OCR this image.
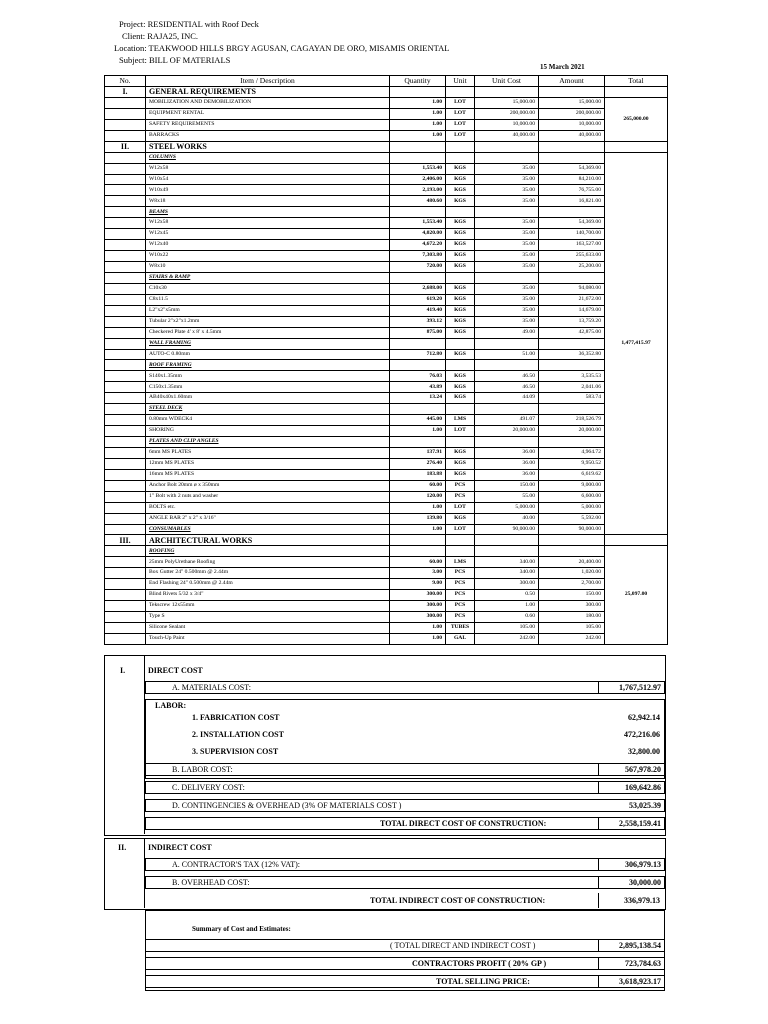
Project: RESIDENTIAL with Roof Deck
Client: RAJA25, INC.
Location: TEAKWOOD HILLS BRGY AGUSAN, CAGAYAN DE ORO, MISAMIS ORIENTAL
Subject: BILL OF MATERIALS
15 March 2021
No.	Item / Description	Quantity	Unit	Unit Cost	Amount	Total
I.	GENERAL REQUIREMENTS					
	MOBILIZATION AND DEMOBILIZATION	1.00	LOT	15,000.00	15,000.00	265,000.00
	EQUIPMENT RENTAL	1.00	LOT	200,000.00	200,000.00	
	SAFETY REQUIREMENTS	1.00	LOT	10,000.00	10,000.00	
	BARRACKS	1.00	LOT	40,000.00	40,000.00	
II.	STEEL WORKS					
	COLUMNS					1,477,415.97
	W12x58	1,553.40	KGS	35.00	54,369.00	
	W10x54	2,406.00	KGS	35.00	84,210.00	
	W10x49	2,193.00	KGS	35.00	76,755.00	
	W8x18	480.60	KGS	35.00	16,821.00	
	BEAMS					
	W12x58	1,553.40	KGS	35.00	54,369.00	
	W12x45	4,020.00	KGS	35.00	140,700.00	
	W12x40	4,672.20	KGS	35.00	163,527.00	
	W10x22	7,303.80	KGS	35.00	255,633.00	
	W8x10	720.00	KGS	35.00	25,200.00	
	STAIRS & RAMP					
	C10x30	2,688.00	KGS	35.00	94,080.00	
	C8x11.5	619.20	KGS	35.00	21,672.00	
	L2"x2"x5mm	419.40	KGS	35.00	14,679.00	
	Tubular 2"x2"x1.2mm	393.12	KGS	35.00	13,759.20	
	Checkered Plate 4' x 8' x 4.5mm	875.00	KGS	49.00	42,875.00	
	WALL FRAMING					
	AUTO-C 0.80mm	712.80	KGS	51.00	36,352.80	
	ROOF FRAMING					
	S140x1.35mm	76.03	KGS	46.50	3,535.53	
	C150x1.35mm	43.89	KGS	46.50	2,041.06	
	AB40x40x1.60mm	13.24	KGS	44.09	583.74	
	STEEL DECK					
	0.80mm WDECK4	445.00	LMS	491.07	218,526.79	
	SHORING	1.00	LOT	20,000.00	20,000.00	
	PLATES AND CLIP ANGLES					
	6mm MS PLATES	137.91	KGS	36.00	4,964.72	
	12mm MS PLATES	276.40	KGS	36.00	9,950.52	
	16mm MS PLATES	183.88	KGS	36.00	6,619.62	
	Anchor Bolt 20mm ø x 350mm	60.00	PCS	150.00	9,000.00	
	1" Bolt with 2 nuts and washer	120.00	PCS	55.00	6,600.00	
	BOLTS etc.	1.00	LOT	5,000.00	5,000.00	
	ANGLE BAR 2" x 2" x 3/16"	139.80	KGS	40.00	5,592.00	
	CONSUMABLES	1.00	LOT	90,000.00	90,000.00	
III.	ARCHITECTURAL WORKS					
	ROOFING					25,097.00
	25mm PolyUrethane Roofing	60.00	LMS	340.00	20,400.00	
	Box Gutter 24" 0.500mm @ 2.44m	3.00	PCS	340.00	1,020.00	
	End Flashing 24" 0.500mm @ 2.44m	9.00	PCS	300.00	2,700.00	
	Blind Rivets 5/32 x 3/4"	300.00	PCS	0.50	150.00	
	Tekscrew 12x55mm	300.00	PCS	1.00	300.00	
	Type S	300.00	PCS	0.60	180.00	
	Silicone Sealant	1.00	TUBES	105.00	105.00	
	Touch-Up Paint	1.00	GAL	242.00	242.00	
I.	DIRECT COST
A. MATERIALS COST:	1,767,512.97
LABOR:
1. FABRICATION COST	62,942.14
2. INSTALLATION COST	472,216.06
3. SUPERVISION COST	32,800.00
B. LABOR COST:	567,978.20
C. DELIVERY COST:	169,642.86
D. CONTINGENCIES & OVERHEAD (3% OF MATERIALS COST )	53,025.39
TOTAL DIRECT COST OF CONSTRUCTION:	2,558,159.41
II.	INDIRECT COST
A. CONTRACTOR'S TAX (12% VAT):	306,979.13
B. OVERHEAD COST:	30,000.00
TOTAL INDIRECT COST OF CONSTRUCTION:	336,979.13
Summary of Cost and Estimates:
( TOTAL DIRECT AND INDIRECT COST )	2,895,138.54
CONTRACTORS PROFIT ( 20% GP )	723,784.63
TOTAL SELLING PRICE:	3,618,923.17
